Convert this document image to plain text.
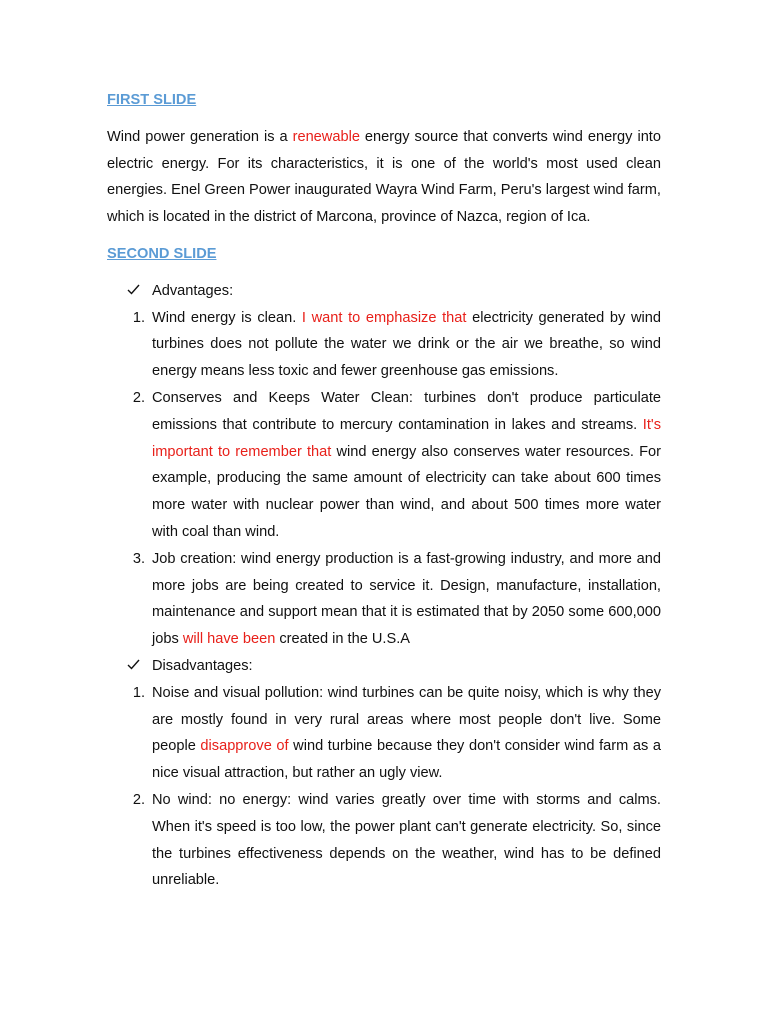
FIRST SLIDE

Wind power generation is a renewable energy source that converts wind energy into electric energy. For its characteristics, it is one of the world's most used clean energies. Enel Green Power inaugurated Wayra Wind Farm, Peru's largest wind farm, which is located in the district of Marcona, province of Nazca, region of Ica.

SECOND SLIDE
Advantages:
1. Wind energy is clean. I want to emphasize that electricity generated by wind turbines does not pollute the water we drink or the air we breathe, so wind energy means less toxic and fewer greenhouse gas emissions.
2. Conserves and Keeps Water Clean: turbines don't produce particulate emissions that contribute to mercury contamination in lakes and streams. It's important to remember that wind energy also conserves water resources. For example, producing the same amount of electricity can take about 600 times more water with nuclear power than wind, and about 500 times more water with coal than wind.
3. Job creation: wind energy production is a fast-growing industry, and more and more jobs are being created to service it. Design, manufacture, installation, maintenance and support mean that it is estimated that by 2050 some 600,000 jobs will have been created in the U.S.A
Disadvantages:
1. Noise and visual pollution: wind turbines can be quite noisy, which is why they are mostly found in very rural areas where most people don't live. Some people disapprove of wind turbine because they don't consider wind farm as a nice visual attraction, but rather an ugly view.
2. No wind: no energy: wind varies greatly over time with storms and calms. When it's speed is too low, the power plant can't generate electricity. So, since the turbines effectiveness depends on the weather, wind has to be defined unreliable.
